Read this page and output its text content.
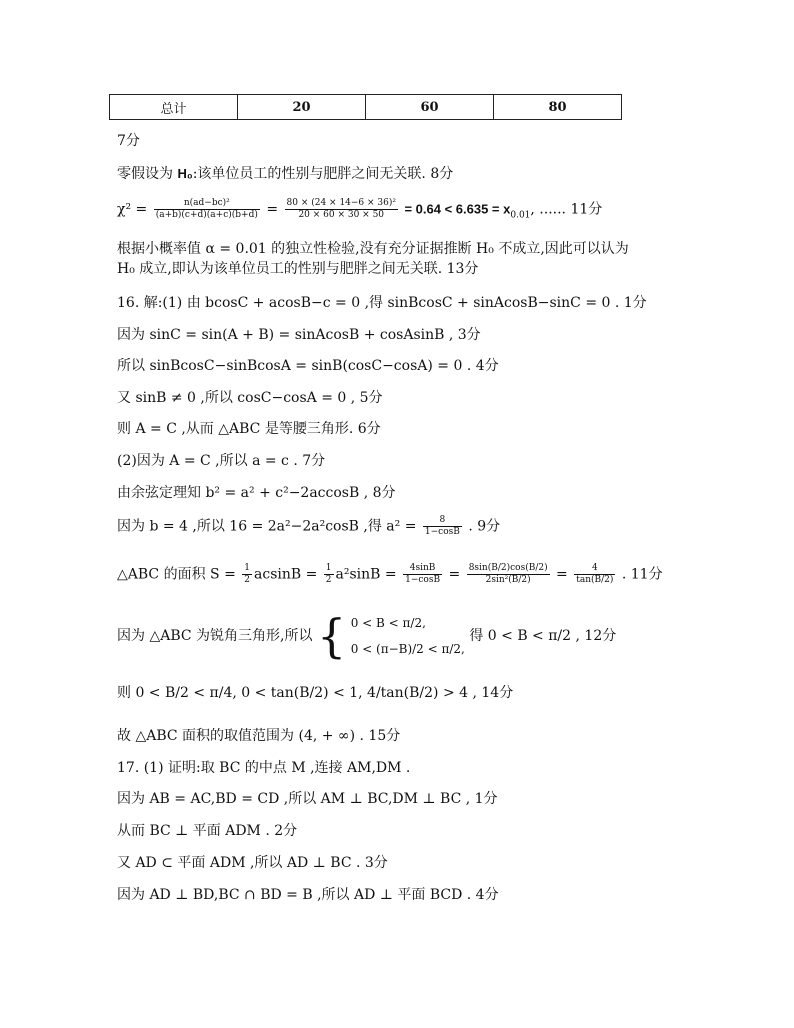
总计	20	60	80
7分
零假设为 H₀:该单位员工的性别与肥胖之间无关联. 8分
$\chi^2 = \frac{\text{n(ad−bc)²}}{(a+b)(c+d)(a+c)(b+d)} = \frac{\text{80 × (24 × 14−6 × 36)²}}{20 \times 60 \times 30 \times 50} = 0.64 < 6.635 = x_{0.01}$, ...... 11分
根据小概率值 α = 0.01 的独立性检验,没有充分证据推断 H₀ 不成立,因此可以认为
H₀ 成立,即认为该单位员工的性别与肥胖之间无关联. 13分
16. 解:(1) 由 bcosC + acosB−c = 0 ,得 sinBcosC + sinAcosB−sinC = 0 . 1分
因为 sinC = sin(A + B) = sinAcosB + cosAsinB , 3分
所以 sinBcosC−sinBcosA = sinB(cosC−cosA) = 0 . 4分
又 sinB ≠ 0 ,所以 cosC−cosA = 0 , 5分
则 A = C ,从而 △ABC 是等腰三角形. 6分
(2)因为 A = C ,所以 a = c . 7分
由余弦定理知 b² = a² + c²−2accosB , 8分
因为 b = 4 ,所以 16 = 2a²−2a²cosB ,得 $a^2 = \frac{8}{1-\cos B}$ . 9分
△ABC 的面积 $S = \frac{1}{2}$ $acsinB = \frac{1}{2} a^2\sin B = \frac{4\sin B}{1-\cos B} = \frac{8\sin(B/2)\cos(B/2)}{\text{2sin²(B/2)}} = \frac{4}{\tan(B/2)}$ . 11分
因为 △ABC 为锐角三角形,所以 { 0 < B < π/2,
0 < (π−B)/2 < π/2,
得 0 < B < π/2 , 12分
则 0 < B/2 < π/4, 0 < tan(B/2) < 1, 4/tan(B/2) > 4 , 14分
故 △ABC 面积的取值范围为 (4, + ∞) . 15分
17. (1) 证明:取 BC 的中点 M ,连接 AM,DM .
因为 AB = AC,BD = CD ,所以 AM ⊥ BC,DM ⊥ BC , 1分
从而 BC ⊥ 平面 ADM . 2分
又 AD ⊂ 平面 ADM ,所以 AD ⊥ BC . 3分
因为 AD ⊥ BD,BC ∩ BD = B ,所以 AD ⊥ 平面 BCD . 4分
